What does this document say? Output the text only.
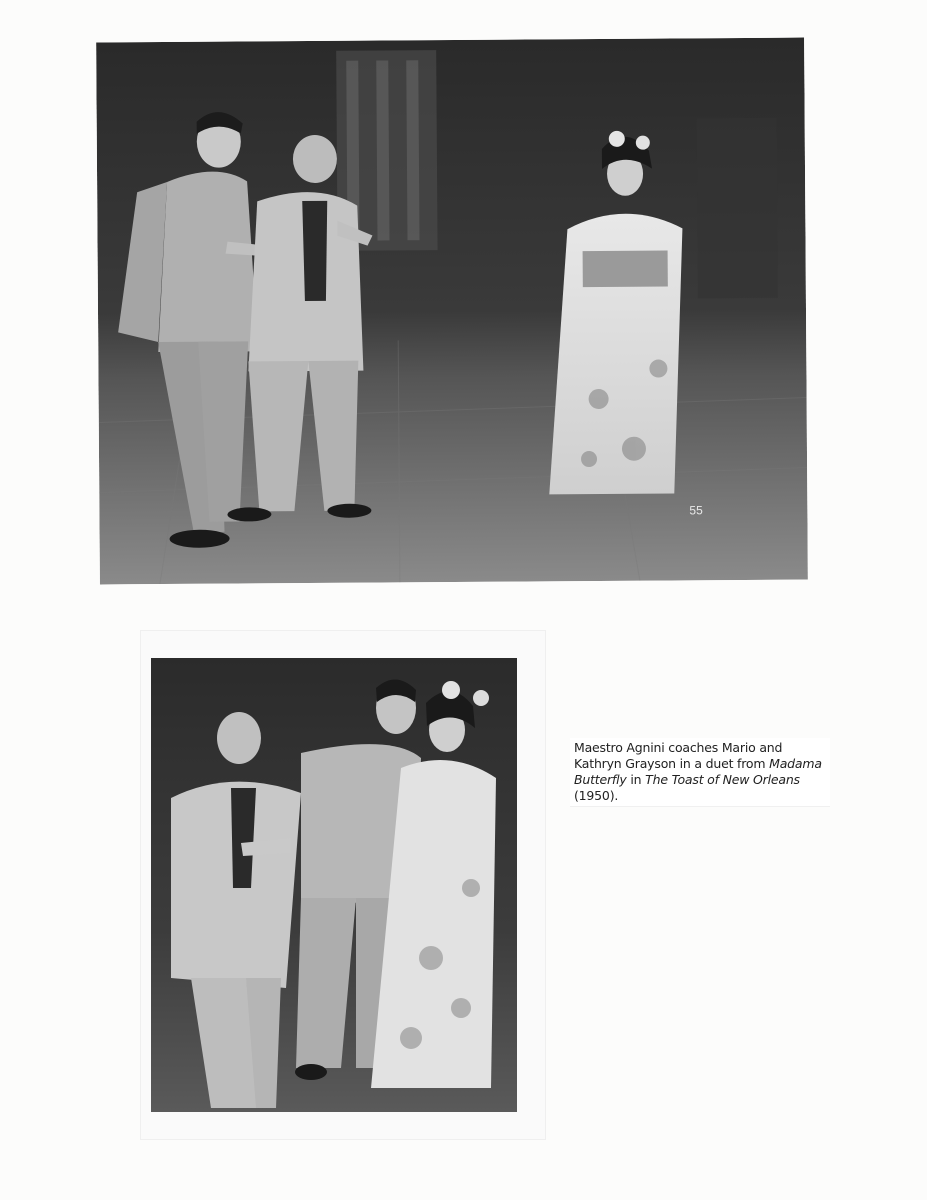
55
Maestro Agnini coaches Mario and Kathryn Grayson in a duet from Madama Butterfly in The Toast of New Orleans (1950).
